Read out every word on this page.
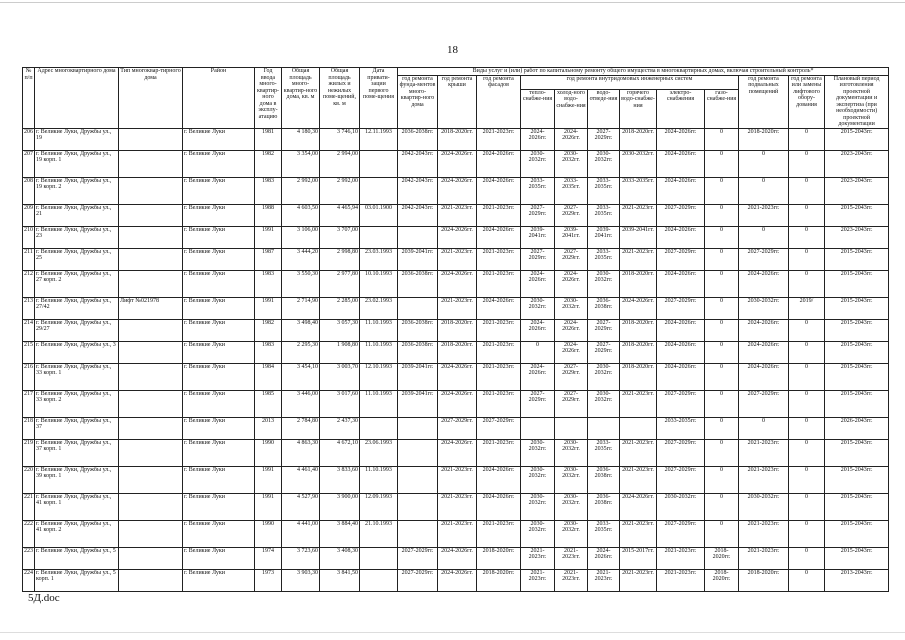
18
№ п/п	Адрес многоквартирного дома	Тип многоквар-тирного дома	Район	Год ввода много-квартир-ного дома в эксплу-атацию	Общая площадь много-квартир-ного дома, кв. м	Общая площадь жилых и нежилых поме-щений, кв. м	Дата привати-зации первого поме-щения	Виды услуг и (или) работ по капитальному ремонту общего имущества в многоквартирных домах, включая строительный контроль*											
								год ремонта фунда-ментов много-квартир-ного дома	год ремонта крыши	год ремонта фасадов	год ремонта внутридомовых инженерных систем						год ремонта подвальных помещений	год ремонта или замены лифтового обору-дования	Плановый период изготовления проектной документации и экспертиза (при необходимости) проектной документации
											тепло-снабже-ния	холод-ного водо-снабже-ния	водо-отведе-ния	горячего водо-снабже-ния	электро-снабжения	газо-снабже-ния			
206	г. Великие Луки, Дружбы ул., 19		г. Великие Луки	1981	4 180,30	3 746,10	12.11.1993	2036-2038гг.	2018-2020гг.	2021-2023гг.	2024-2026гг.	2024-2026гг.	2027-2029гг.	2018-2020гг.	2024-2026гг.	0	2018-2020гг.	0	2015-2043гг.
207	г. Великие Луки, Дружбы ул., 19 корп. 1		г. Великие Луки	1982	3 354,00	2 994,00		2042-2043гг.	2024-2026гг.	2024-2026гг.	2030-2032гг.	2030-2032гг.	2030-2032гг.	2030-2032гг.	2024-2026гг.	0	0	0	2023-2043гг.
208	г. Великие Луки, Дружбы ул., 19 корп. 2		г. Великие Луки	1983	2 992,00	2 992,00		2042-2043гг.	2024-2026гг.	2024-2026гг.	2033-2035гг.	2033-2035гг.	2033-2035гг.	2033-2035гг.	2024-2026гг.	0	0	0	2023-2043гг.
209	г. Великие Луки, Дружбы ул., 21		г. Великие Луки	1988	4 603,50	4 465,94	03.01.1900	2042-2043гг.	2021-2023гг.	2021-2023гг.	2027-2029гг.	2027-2029гг.	2033-2035гг.	2021-2023гг.	2027-2029гг.	0	2021-2023гг.	0	2015-2043гг.
210	г. Великие Луки, Дружбы ул., 23		г. Великие Луки	1991	3 106,00	3 707,00			2024-2026гг.	2024-2026гг.	2039-2041гг.	2039-2041гг.	2039-2041гг.	2039-2041гг.	2024-2026гг.	0	0	0	2023-2043гг.
211	г. Великие Луки, Дружбы ул., 25		г. Великие Луки	1987	3 444,20	2 998,80	23.03.1993	2039-2041гг.	2021-2023гг.	2021-2023гг.	2027-2029гг.	2027-2029гг.	2033-2035гг.	2021-2023гг.	2027-2029гг.	0	2027-2029гг.	0	2015-2043гг.
212	г. Великие Луки, Дружбы ул., 27 корп. 2		г. Великие Луки	1983	3 550,30	2 977,80	10.10.1993	2036-2038гг.	2024-2026гг.	2021-2023гг.	2024-2026гг.	2024-2026гг.	2030-2032гг.	2018-2020гг.	2024-2026гг.	0	2024-2026гг.	0	2015-2043гг.
213	г. Великие Луки, Дружбы ул., 27/42	Лифт №021978	г. Великие Луки	1991	2 714,90	2 285,00	23.02.1993		2021-2023гг.	2024-2026гг.	2030-2032гг.	2030-2032гг.	2036-2038гг.	2024-2026гг.	2027-2029гг.	0	2030-2032гг.	2019/	2015-2043гг.
214	г. Великие Луки, Дружбы ул., 29/27		г. Великие Луки	1982	3 498,40	3 057,30	11.10.1993	2036-2038гг.	2018-2020гг.	2021-2023гг.	2024-2026гг.	2024-2026гг.	2027-2029гг.	2018-2020гг.	2024-2026гг.	0	2024-2026гг.	0	2015-2043гг.
215	г. Великие Луки, Дружбы ул., 3		г. Великие Луки	1983	2 295,30	1 908,80	11.10.1993	2036-2038гг.	2018-2020гг.	2021-2023гг.	0	2024-2026гг.	2027-2029гг.	2018-2020гг.	2024-2026гг.	0	2024-2026гг.	0	2015-2043гг.
216	г. Великие Луки, Дружбы ул., 33 корп. 1		г. Великие Луки	1984	3 454,10	3 003,70	12.10.1993	2039-2041гг.	2024-2026гг.	2021-2023гг.	2024-2026гг.	2027-2029гг.	2030-2032гг.	2018-2020гг.	2024-2026гг.	0	2024-2026гг.	0	2015-2043гг.
217	г. Великие Луки, Дружбы ул., 33 корп. 2		г. Великие Луки	1985	3 446,00	3 017,60	11.10.1993	2039-2041гг.	2024-2026гг.	2021-2023гг.	2027-2029гг.	2027-2029гг.	2030-2032гг.	2021-2023гг.	2027-2029гг.	0	2027-2029гг.	0	2015-2043гг.
218	г. Великие Луки, Дружбы ул., 37		г. Великие Луки	2013	2 784,80	2 437,30			2027-2029гг.	2027-2029гг.					2033-2035гг.	0	0	0	2026-2043гг.
219	г. Великие Луки, Дружбы ул., 37 корп. 1		г. Великие Луки	1990	4 863,30	4 672,10	23.06.1993		2024-2026гг.	2021-2023гг.	2030-2032гг.	2030-2032гг.	2033-2035гг.	2021-2023гг.	2027-2029гг.	0	2021-2023гг.	0	2015-2043гг.
220	г. Великие Луки, Дружбы ул., 39 корп. 1		г. Великие Луки	1991	4 461,40	3 833,60	11.10.1993		2021-2023гг.	2024-2026гг.	2030-2032гг.	2030-2032гг.	2036-2038гг.	2021-2023гг.	2027-2029гг.	0	2021-2023гг.	0	2015-2043гг.
221	г. Великие Луки, Дружбы ул., 41 корп. 1		г. Великие Луки	1991	4 527,90	3 900,00	12.09.1993		2021-2023гг.	2024-2026гг.	2030-2032гг.	2030-2032гг.	2036-2038гг.	2024-2026гг.	2030-2032гг.	0	2030-2032гг.	0	2015-2043гг.
222	г. Великие Луки, Дружбы ул., 41 корп. 2		г. Великие Луки	1990	4 441,00	3 884,40	21.10.1993		2021-2023гг.	2021-2023гг.	2030-2032гг.	2030-2032гг.	2033-2035гг.	2021-2023гг.	2027-2029гг.	0	2021-2023гг.	0	2015-2043гг.
223	г. Великие Луки, Дружбы ул., 5		г. Великие Луки	1974	3 723,60	3 408,30		2027-2029гг.	2024-2026гг.	2018-2020гг.	2021-2023гг.	2021-2023гг.	2024-2026гг.	2015-2017гг.	2021-2023гг.	2018-2020гг.	2021-2023гг.	0	2015-2043гг.
224	г. Великие Луки, Дружбы ул., 5 корп. 1		г. Великие Луки	1973	3 903,30	3 841,50		2027-2029гг.	2024-2026гг.	2018-2020гг.	2021-2023гг.	2021-2023гг.	2021-2023гг.	2021-2023гг.	2021-2023гг.	2018-2020гг.	2018-2020гг.	0	2013-2043гг.
5Д.doc
